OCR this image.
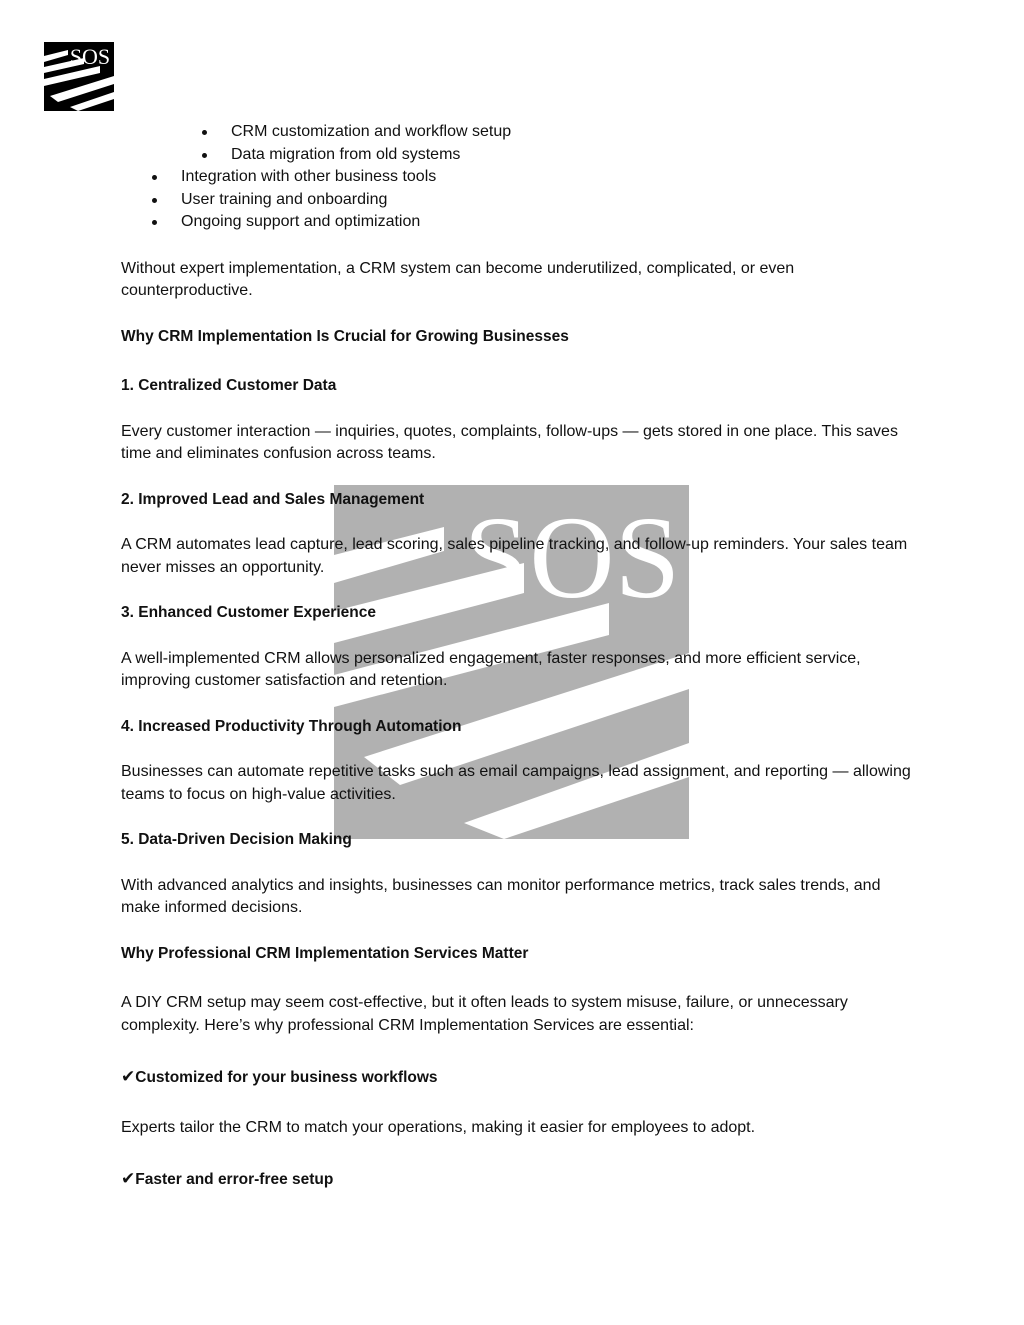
SOS
SOS
CRM customization and workflow setup
Data migration from old systems
Integration with other business tools
User training and onboarding
Ongoing support and optimization

Without expert implementation, a CRM system can become underutilized, complicated, or even counterproductive.

Why CRM Implementation Is Crucial for Growing Businesses

1. Centralized Customer Data

Every customer interaction — inquiries, quotes, complaints, follow-ups — gets stored in one place. This saves time and eliminates confusion across teams.

2. Improved Lead and Sales Management

A CRM automates lead capture, lead scoring, sales pipeline tracking, and follow-up reminders. Your sales team never misses an opportunity.

3. Enhanced Customer Experience

A well-implemented CRM allows personalized engagement, faster responses, and more efficient service, improving customer satisfaction and retention.

4. Increased Productivity Through Automation

Businesses can automate repetitive tasks such as email campaigns, lead assignment, and reporting — allowing teams to focus on high-value activities.

5. Data-Driven Decision Making

With advanced analytics and insights, businesses can monitor performance metrics, track sales trends, and make informed decisions.

Why Professional CRM Implementation Services Matter

A DIY CRM setup may seem cost-effective, but it often leads to system misuse, failure, or unnecessary complexity. Here’s why professional CRM Implementation Services are essential:

✔Customized for your business workflows

Experts tailor the CRM to match your operations, making it easier for employees to adopt.

✔Faster and error-free setup
